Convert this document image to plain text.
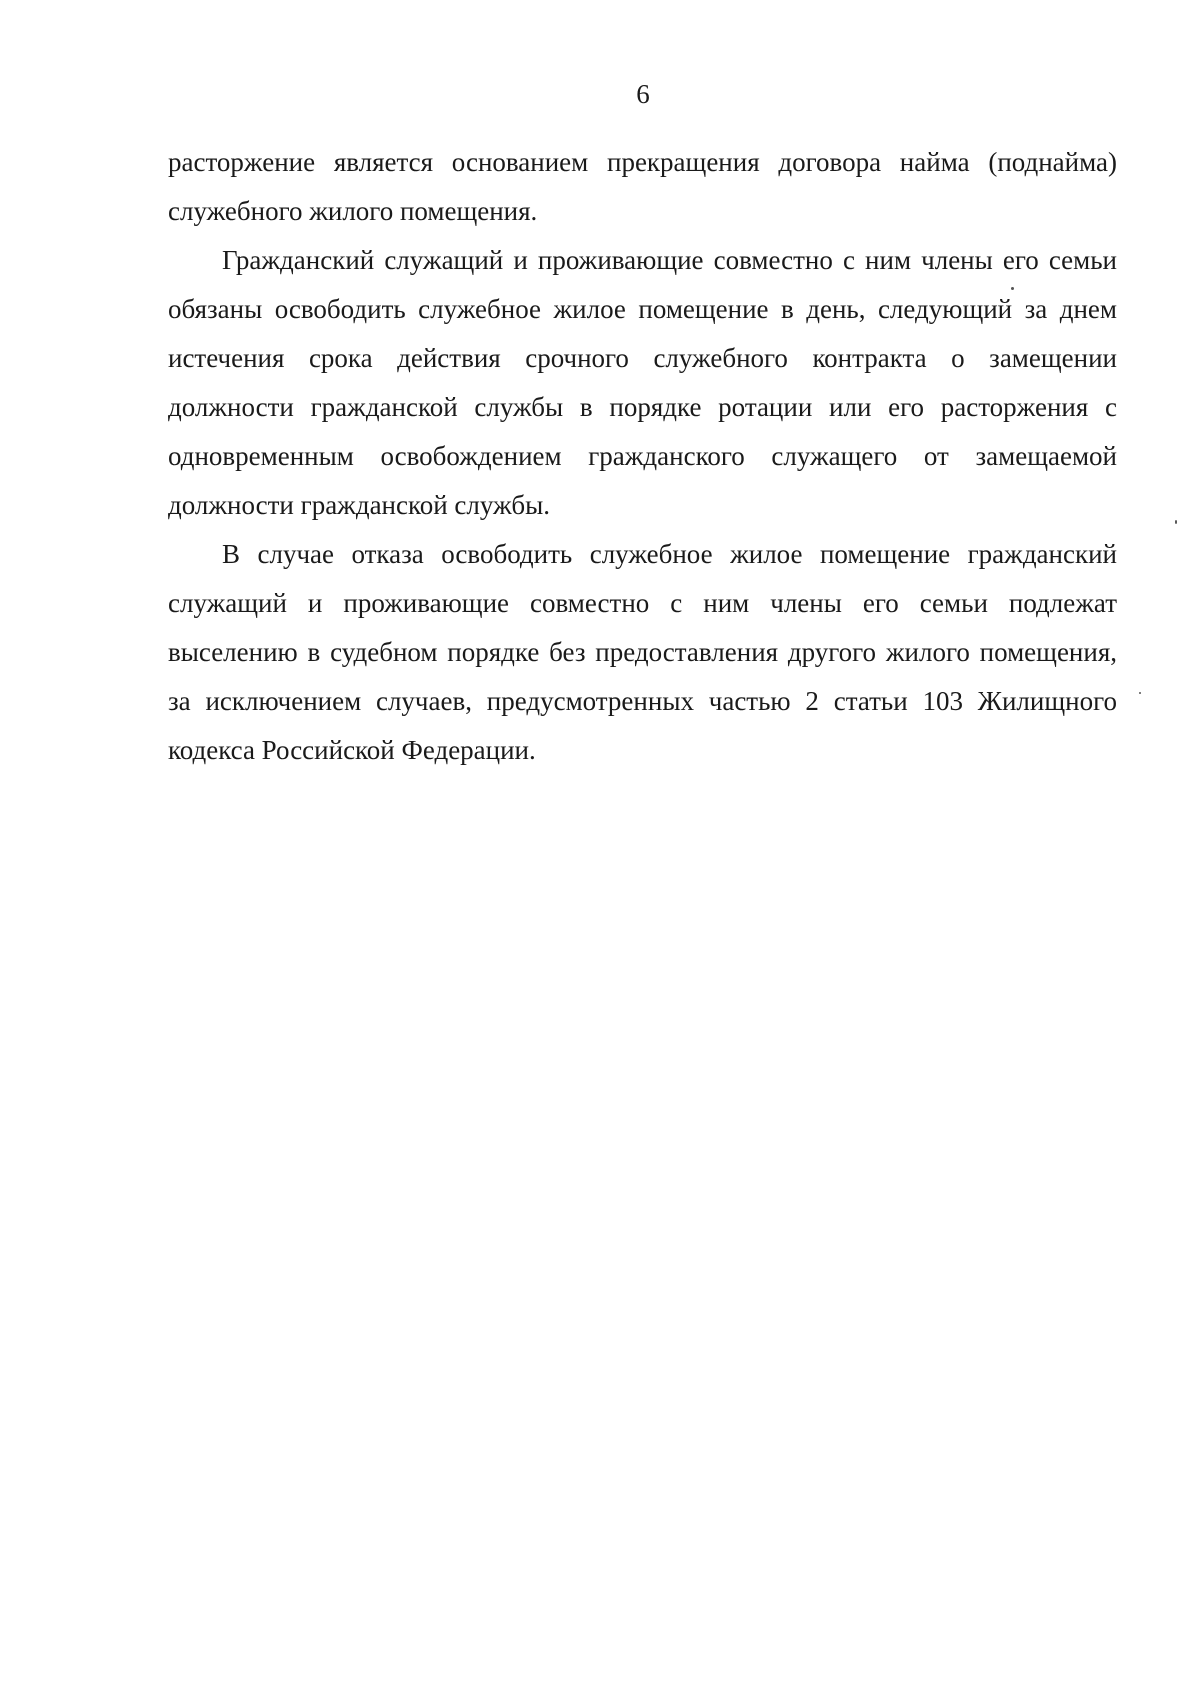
6

расторжение является основанием прекращения договора найма (поднайма) служебного жилого помещения.

Гражданский служащий и проживающие совместно с ним члены его семьи обязаны освободить служебное жилое помещение в день, следующий за днем истечения срока действия срочного служебного контракта о замещении должности гражданской службы в порядке ротации или его расторжения с одновременным освобождением гражданского служащего от замещаемой должности гражданской службы.

В случае отказа освободить служебное жилое помещение гражданский служащий и проживающие совместно с ним члены его семьи подлежат выселению в судебном порядке без предоставления другого жилого помещения, за исключением случаев, предусмотренных частью 2 статьи 103 Жилищного кодекса Российской Федерации.
